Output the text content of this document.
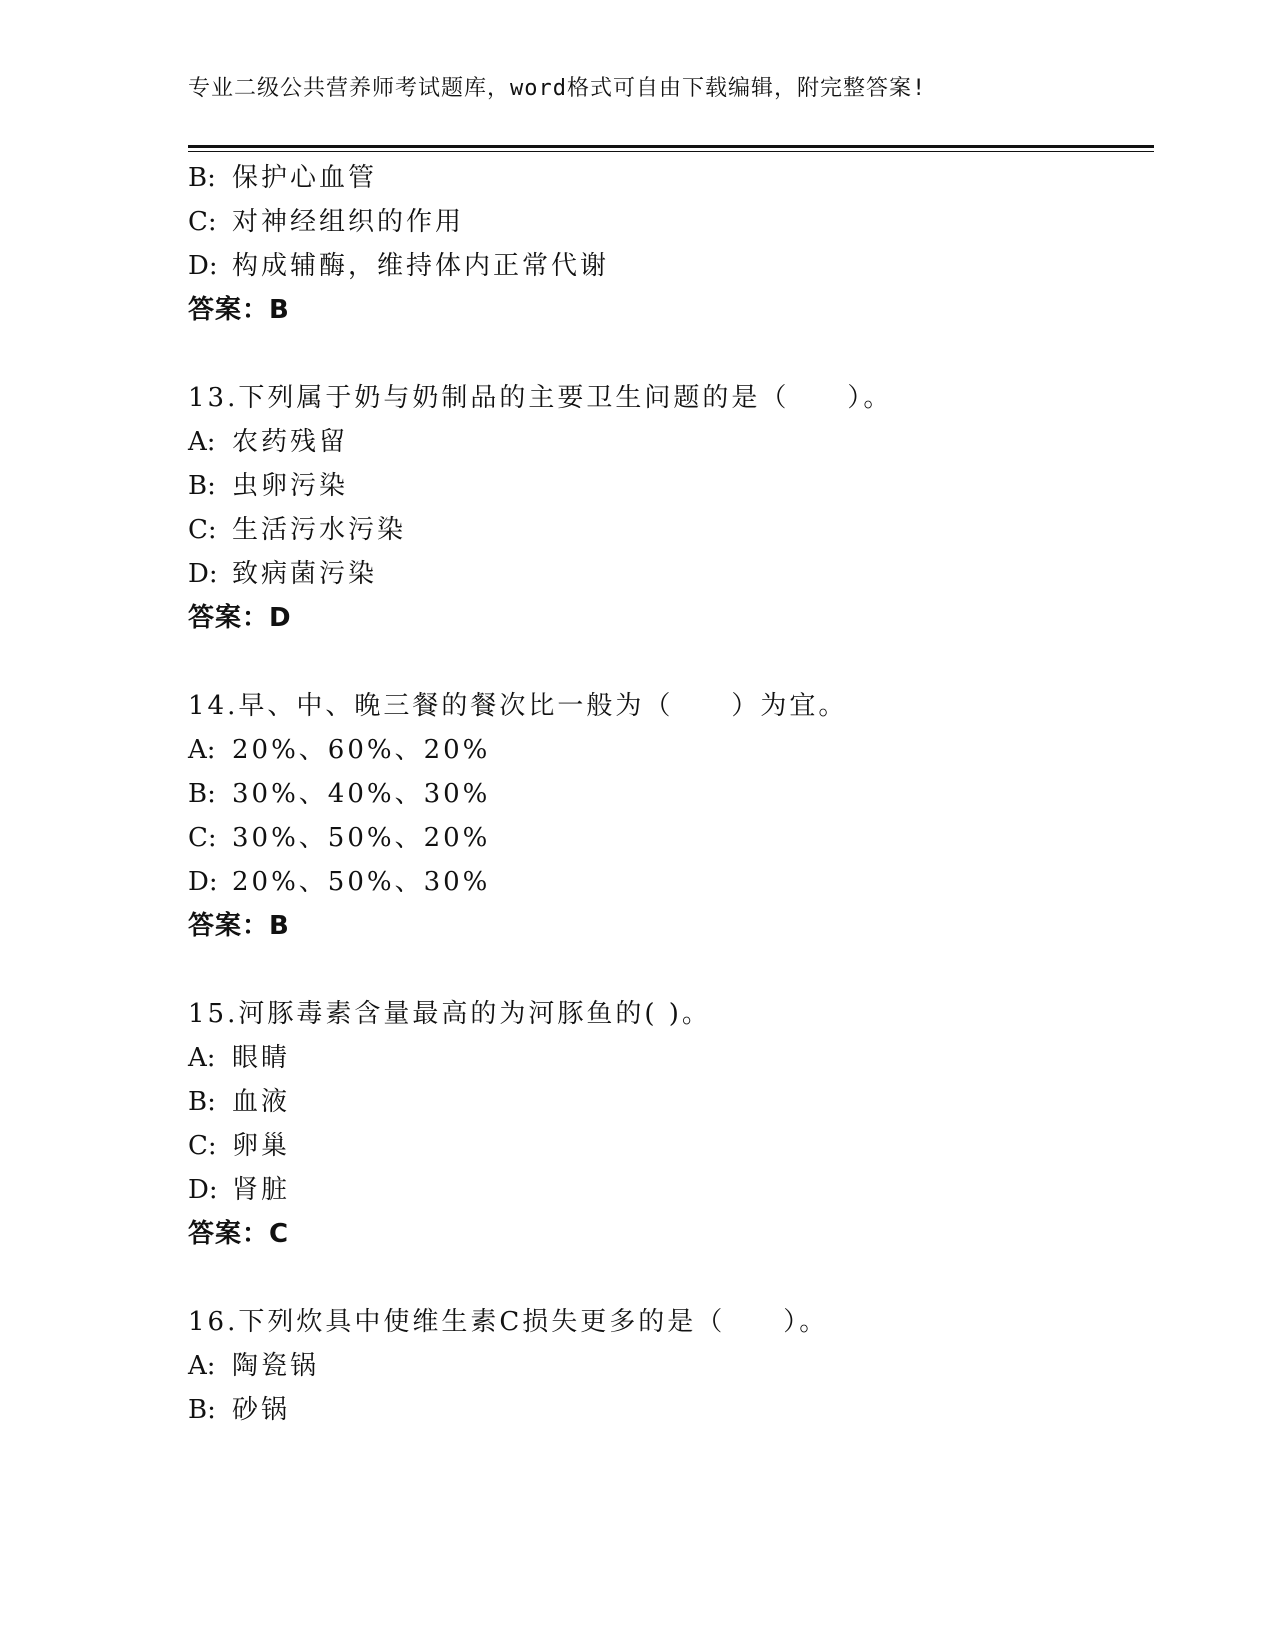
专业二级公共营养师考试题库，word格式可自由下载编辑，附完整答案!
B: 保护心血管
C: 对神经组织的作用
D: 构成辅酶，维持体内正常代谢
答案：B
13.下列属于奶与奶制品的主要卫生问题的是（　　）。
A: 农药残留
B: 虫卵污染
C: 生活污水污染
D: 致病菌污染
答案：D
14.早、中、晚三餐的餐次比一般为（　　）为宜。
A: 20%、60%、20%
B: 30%、40%、30%
C: 30%、50%、20%
D: 20%、50%、30%
答案：B
15.河豚毒素含量最高的为河豚鱼的( )。
A: 眼睛
B: 血液
C: 卵巢
D: 肾脏
答案：C
16.下列炊具中使维生素C损失更多的是（　　）。
A: 陶瓷锅
B: 砂锅
